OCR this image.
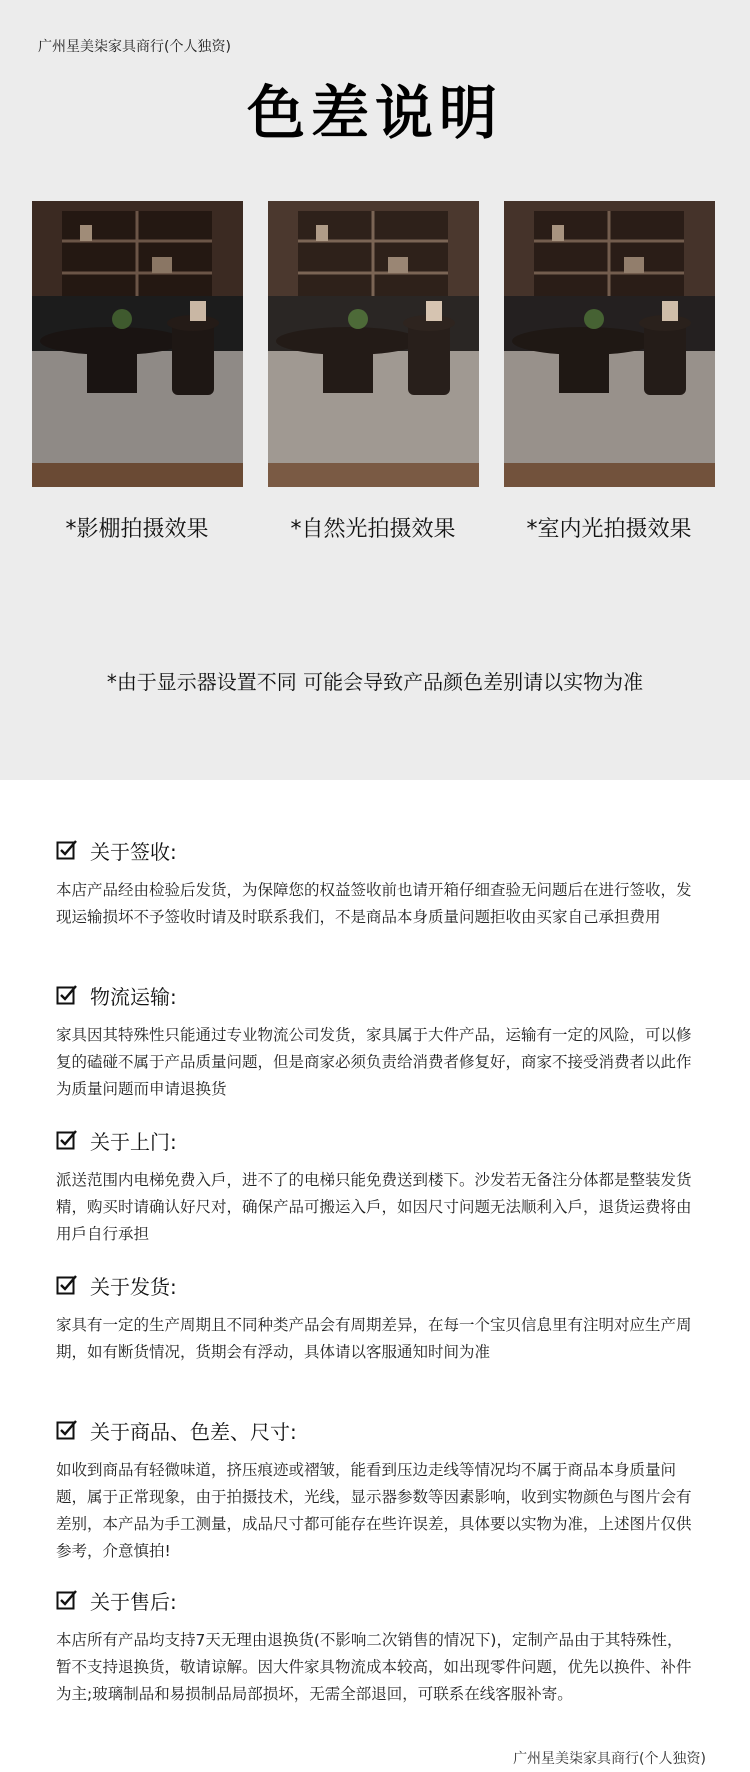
广州星美柒家具商行(个人独资)
色差说明
*影棚拍摄效果	*自然光拍摄效果	*室内光拍摄效果
*由于显示器设置不同 可能会导致产品颜色差别请以实物为准
关于签收:
本店产品经由检验后发货，为保障您的权益签收前也请开箱仔细查验无问题后在进行签收，发现运输损坏不予签收时请及时联系我们，不是商品本身质量问题拒收由买家自己承担费用
物流运输:
家具因其特殊性只能通过专业物流公司发货，家具属于大件产品，运输有一定的风险，可以修复的磕碰不属于产品质量问题，但是商家必须负责给消费者修复好，商家不接受消费者以此作为质量问题而申请退换货
关于上门:
派送范围内电梯免费入戶，进不了的电梯只能免费送到楼下。沙发若无备注分体都是整装发货精，购买时请确认好尺对，确保产品可搬运入戶，如因尺寸问题无法顺利入戶，退货运费将由用戶自行承担
关于发货:
家具有一定的生产周期且不同种类产品会有周期差异，在每一个宝贝信息里有注明对应生产周期，如有断货情况，货期会有浮动，具体请以客服通知时间为准
关于商品、色差、尺寸:
如收到商品有轻微味道，挤压痕迹或褶皱，能看到压边走线等情况均不属于商品本身质量问题，属于正常现象，由于拍摄技术，光线，显示器参数等因素影响，收到实物颜色与图片会有差别，本产品为手工测量，成品尺寸都可能存在些许误差，具体要以实物为准，上述图片仅供参考，介意慎拍!
关于售后:
本店所有产品均支持7天无理由退换货(不影响二次销售的情况下)，定制产品由于其特殊性，暂不支持退换货，敬请谅解。因大件家具物流成本较高，如出现零件问题，优先以换件、补件为主;玻璃制品和易损制品局部损坏，无需全部退回，可联系在线客服补寄。
广州星美柒家具商行(个人独资)
